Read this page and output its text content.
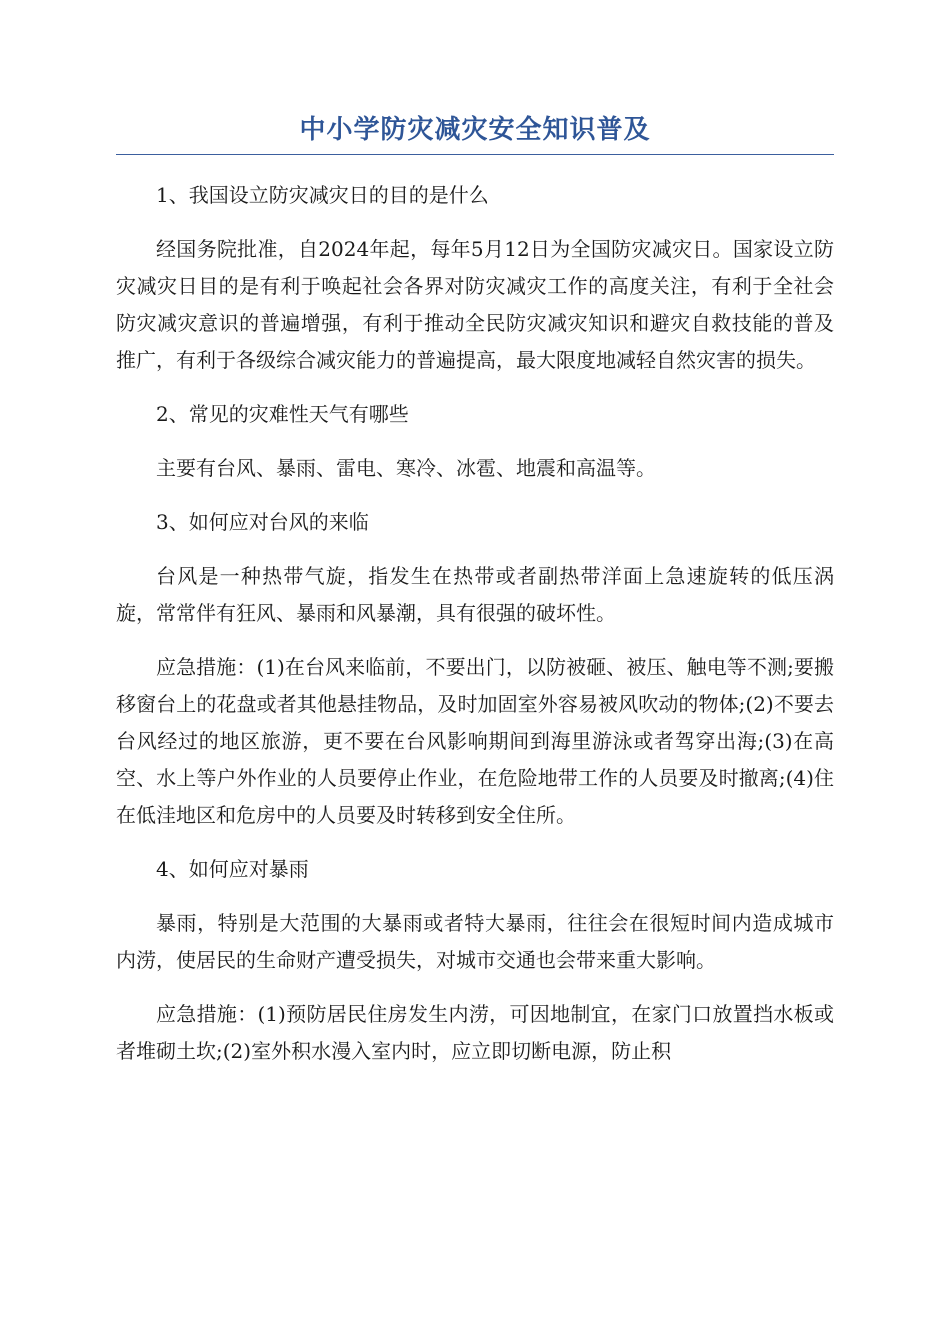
中小学防灾减灾安全知识普及

1、我国设立防灾减灾日的目的是什么

经国务院批准，自2024年起，每年5月12日为全国防灾减灾日。国家设立防灾减灾日目的是有利于唤起社会各界对防灾减灾工作的高度关注，有利于全社会防灾减灾意识的普遍增强，有利于推动全民防灾减灾知识和避灾自救技能的普及推广，有利于各级综合减灾能力的普遍提高，最大限度地减轻自然灾害的损失。

2、常见的灾难性天气有哪些

主要有台风、暴雨、雷电、寒冷、冰雹、地震和高温等。

3、如何应对台风的来临

台风是一种热带气旋，指发生在热带或者副热带洋面上急速旋转的低压涡旋，常常伴有狂风、暴雨和风暴潮，具有很强的破坏性。

应急措施：(1)在台风来临前，不要出门，以防被砸、被压、触电等不测;要搬移窗台上的花盘或者其他悬挂物品，及时加固室外容易被风吹动的物体;(2)不要去台风经过的地区旅游，更不要在台风影响期间到海里游泳或者驾穿出海;(3)在高空、水上等户外作业的人员要停止作业，在危险地带工作的人员要及时撤离;(4)住在低洼地区和危房中的人员要及时转移到安全住所。

4、如何应对暴雨

暴雨，特别是大范围的大暴雨或者特大暴雨，往往会在很短时间内造成城市内涝，使居民的生命财产遭受损失，对城市交通也会带来重大影响。

应急措施：(1)预防居民住房发生内涝，可因地制宜，在家门口放置挡水板或者堆砌土坎;(2)室外积水漫入室内时，应立即切断电源，防止积
